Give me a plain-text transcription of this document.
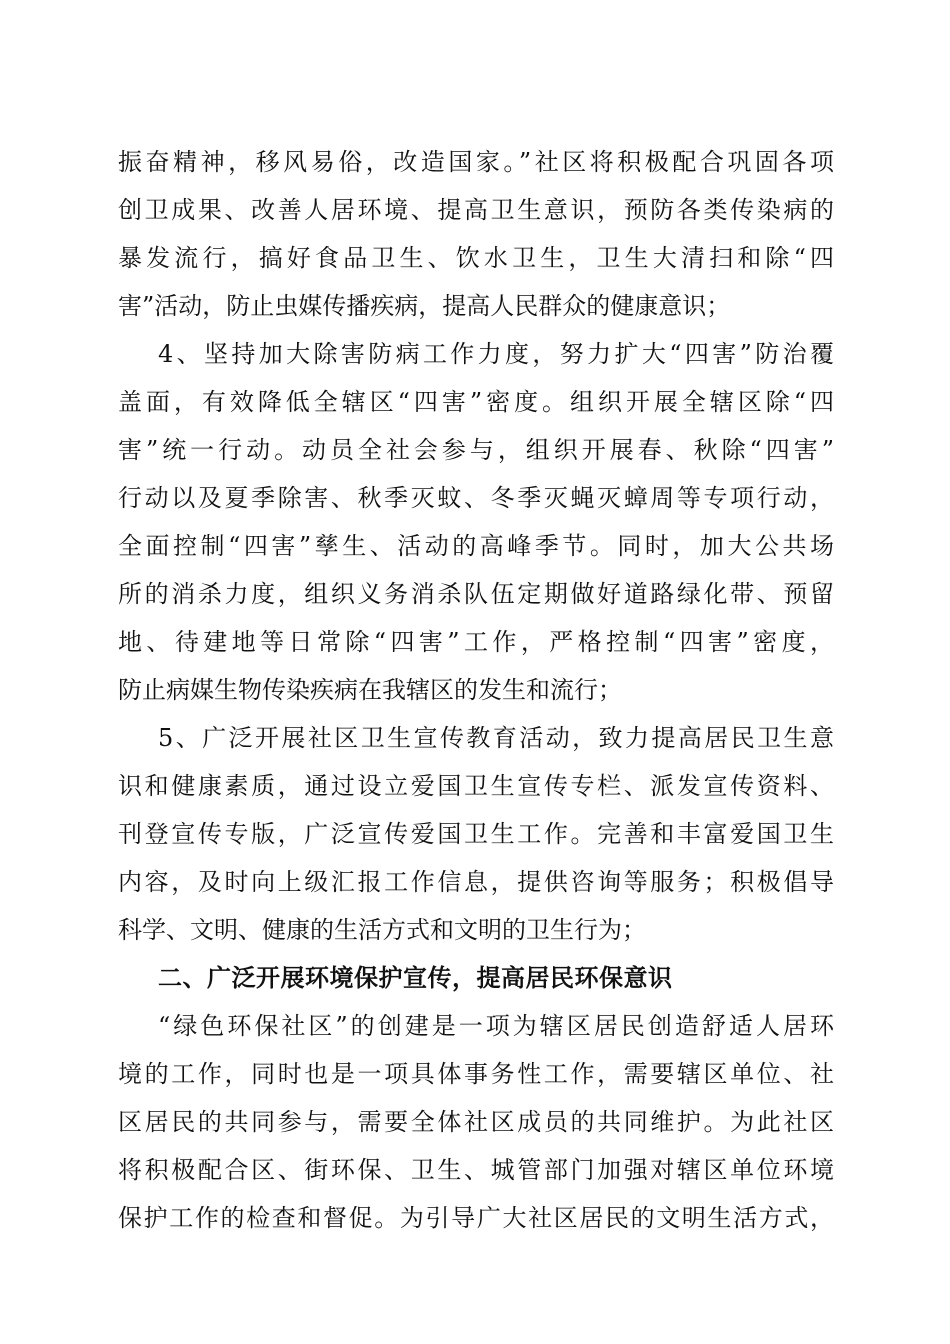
振奋精神，移风易俗，改造国家。”社区将积极配合巩固各项
创卫成果、改善人居环境、提高卫生意识，预防各类传染病的
暴发流行，搞好食品卫生、饮水卫生，卫生大清扫和除“四
害”活动，防止虫媒传播疾病，提高人民群众的健康意识；
4、坚持加大除害防病工作力度，努力扩大“四害”防治覆
盖面，有效降低全辖区“四害”密度。组织开展全辖区除“四
害”统一行动。动员全社会参与，组织开展春、秋除“四害”
行动以及夏季除害、秋季灭蚊、冬季灭蝇灭蟑周等专项行动，
全面控制“四害”孳生、活动的高峰季节。同时，加大公共场
所的消杀力度，组织义务消杀队伍定期做好道路绿化带、预留
地、待建地等日常除“四害”工作，严格控制“四害”密度，
防止病媒生物传染疾病在我辖区的发生和流行；
5、广泛开展社区卫生宣传教育活动，致力提高居民卫生意
识和健康素质，通过设立爱国卫生宣传专栏、派发宣传资料、
刊登宣传专版，广泛宣传爱国卫生工作。完善和丰富爱国卫生
内容，及时向上级汇报工作信息，提供咨询等服务；积极倡导
科学、文明、健康的生活方式和文明的卫生行为；
二、广泛开展环境保护宣传，提高居民环保意识
“绿色环保社区”的创建是一项为辖区居民创造舒适人居环
境的工作，同时也是一项具体事务性工作，需要辖区单位、社
区居民的共同参与，需要全体社区成员的共同维护。为此社区
将积极配合区、街环保、卫生、城管部门加强对辖区单位环境
保护工作的检查和督促。为引导广大社区居民的文明生活方式，
